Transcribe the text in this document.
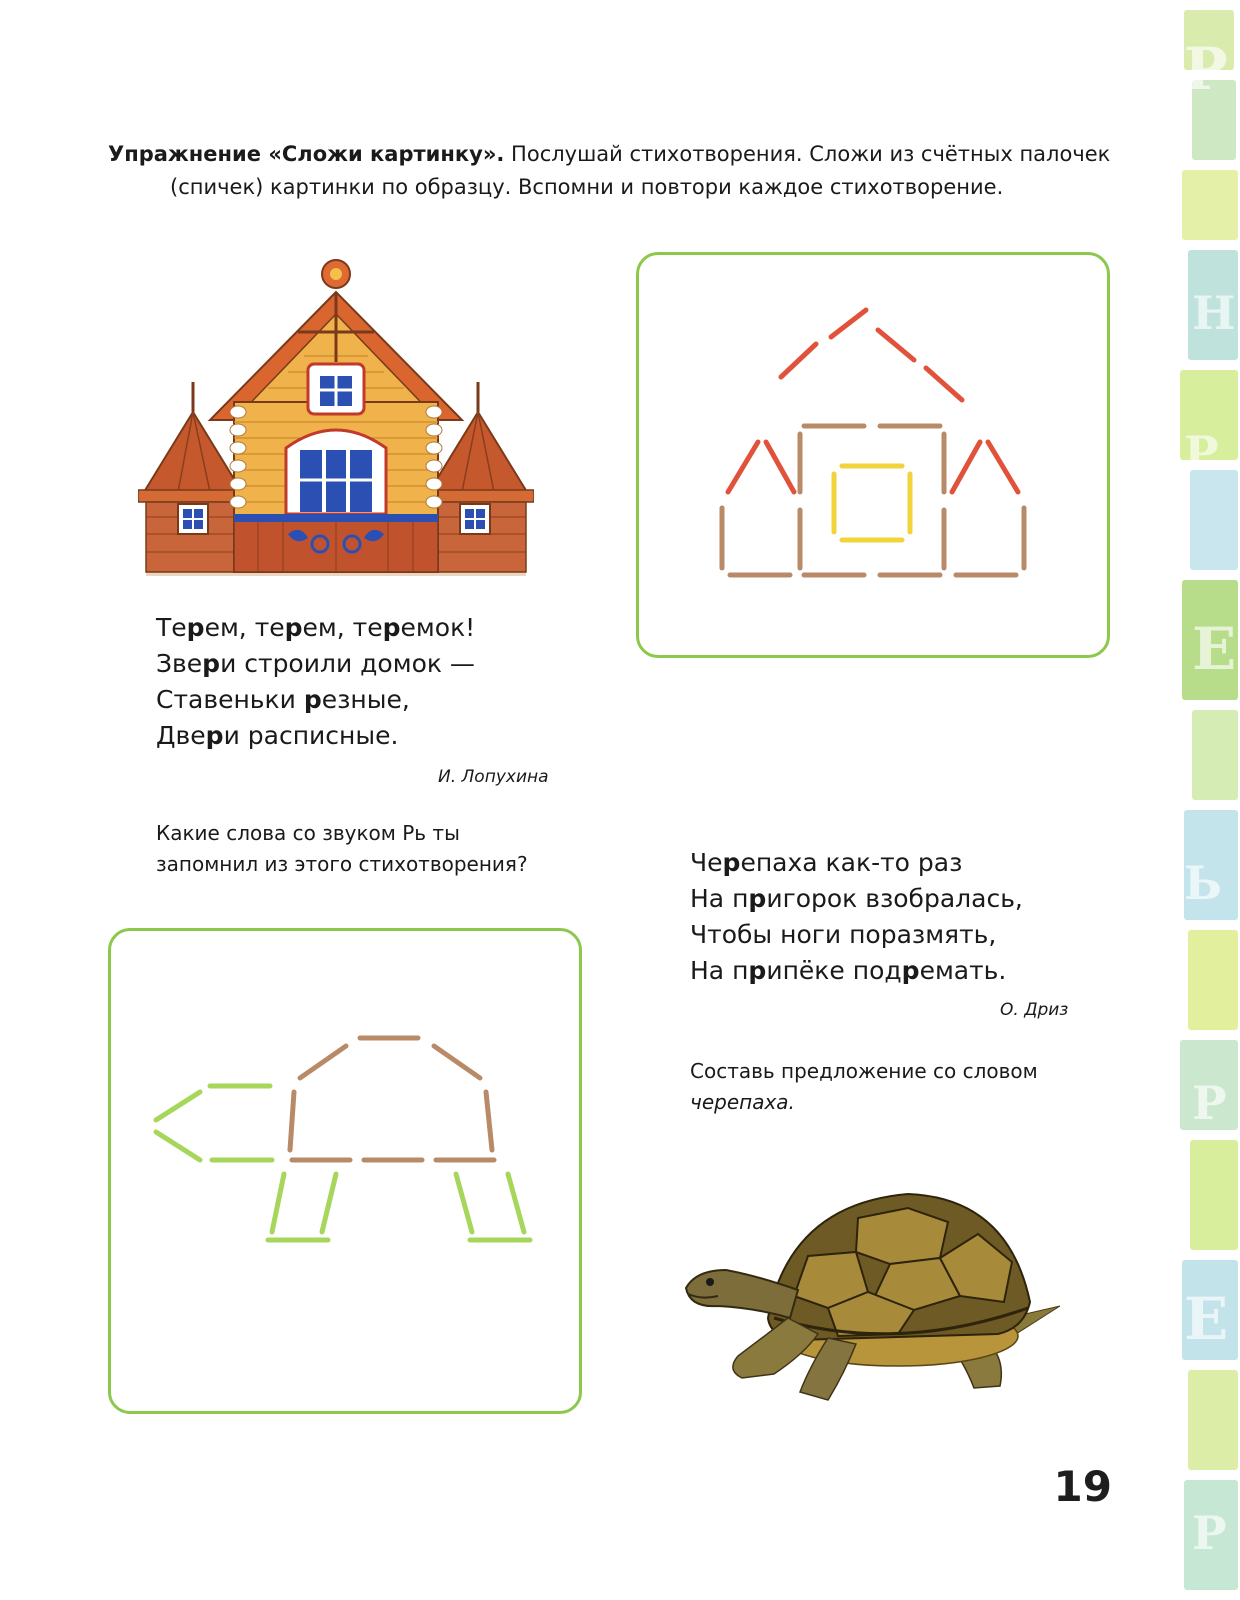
Р
Н
Р
Е
Ь
Р
Е
Р
Упражнение «Сложи картинку». Послушай стихотворения. Сложи из счётных палочек
(спичек) картинки по образцу. Вспомни и повтори каждое стихотворение.
Терем, терем, теремок!
Звери строили домок —
Ставеньки резные,
Двери расписные.
И. Лопухина
Какие слова со звуком Рь ты
запомнил из этого стихотворения?	Черепаха как-то раз
На пригорок взобралась,
Чтобы ноги поразмять,
На припёке подремать.
О. Дриз
Составь предложение со словом
черепаха.
19
